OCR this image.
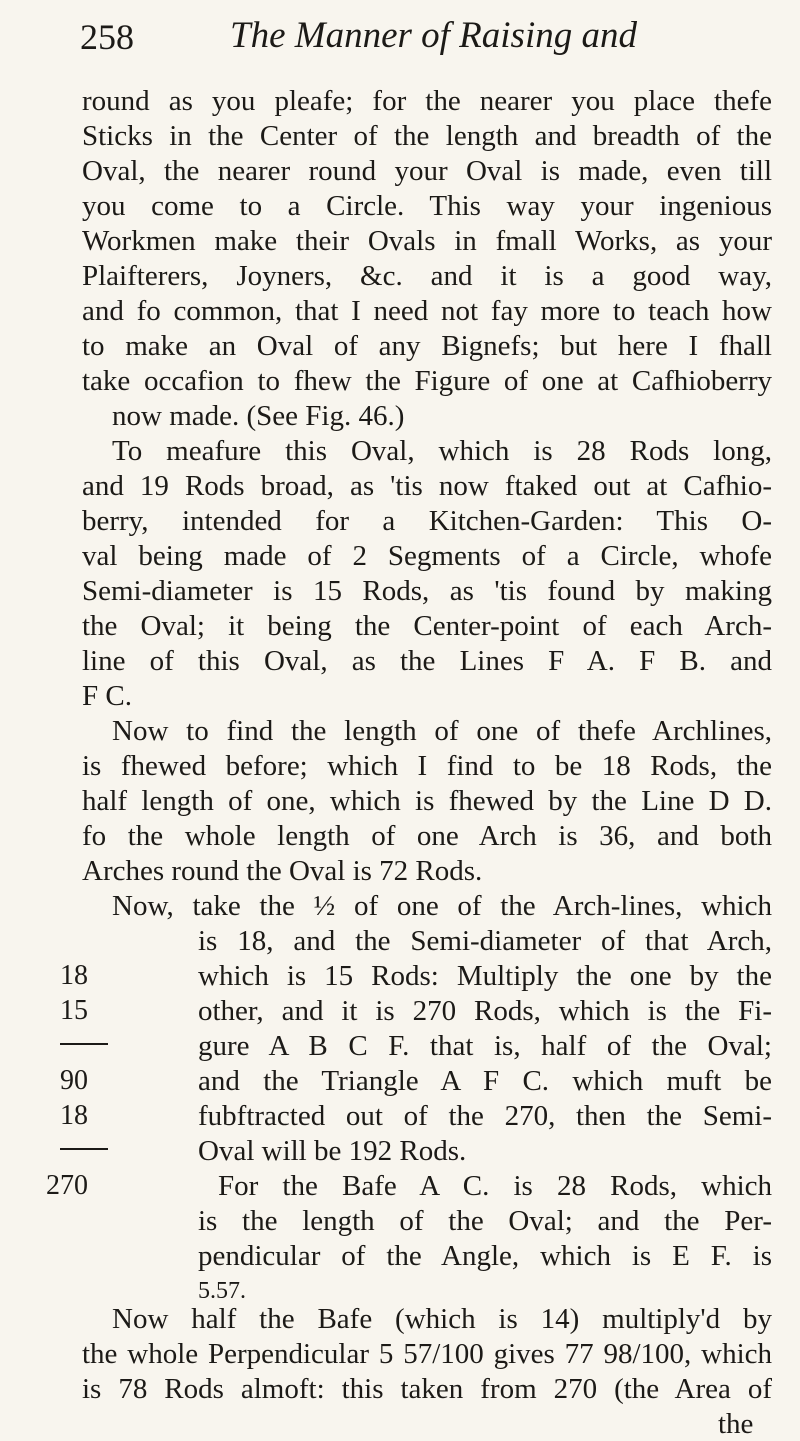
258	The Manner of Raising and
round as you pleafe; for the nearer you place thefe
Sticks in the Center of the length and breadth of the
Oval, the nearer round your Oval is made, even till
you come to a Circle. This way your ingenious
Workmen make their Ovals in fmall Works, as your
Plaifterers, Joyners, &c. and it is a good way,
and fo common, that I need not fay more to teach how
to make an Oval of any Bignefs; but here I fhall
take occafion to fhew the Figure of one at Cafhioberry
now made. (See Fig. 46.)
To meafure this Oval, which is 28 Rods long,
and 19 Rods broad, as 'tis now ftaked out at Cafhio-
berry, intended for a Kitchen-Garden: This O-
val being made of 2 Segments of a Circle, whofe
Semi-diameter is 15 Rods, as 'tis found by making
the Oval; it being the Center-point of each Arch-
line of this Oval, as the Lines F A. F B. and
F C.
Now to find the length of one of thefe Archlines,
is fhewed before; which I find to be 18 Rods, the
half length of one, which is fhewed by the Line D D.
fo the whole length of one Arch is 36, and both
Arches round the Oval is 72 Rods.
Now, take the ½ of one of the Arch-lines, which
is 18, and the Semi-diameter of that Arch,
which is 15 Rods: Multiply the one by the
other, and it is 270 Rods, which is the Fi-
gure A B C F. that is, half of the Oval;
and the Triangle A F C. which muft be
fubftracted out of the 270, then the Semi-
Oval will be 192 Rods.
For the Bafe A C. is 28 Rods, which
is the length of the Oval; and the Per-
pendicular of the Angle, which is E F. is
5.57.
Now half the Bafe (which is 14) multiply'd by
the whole Perpendicular 5 57/100 gives 77 98/100, which
is 78 Rods almoft: this taken from 270 (the Area of
the
18
15
90
18
270
